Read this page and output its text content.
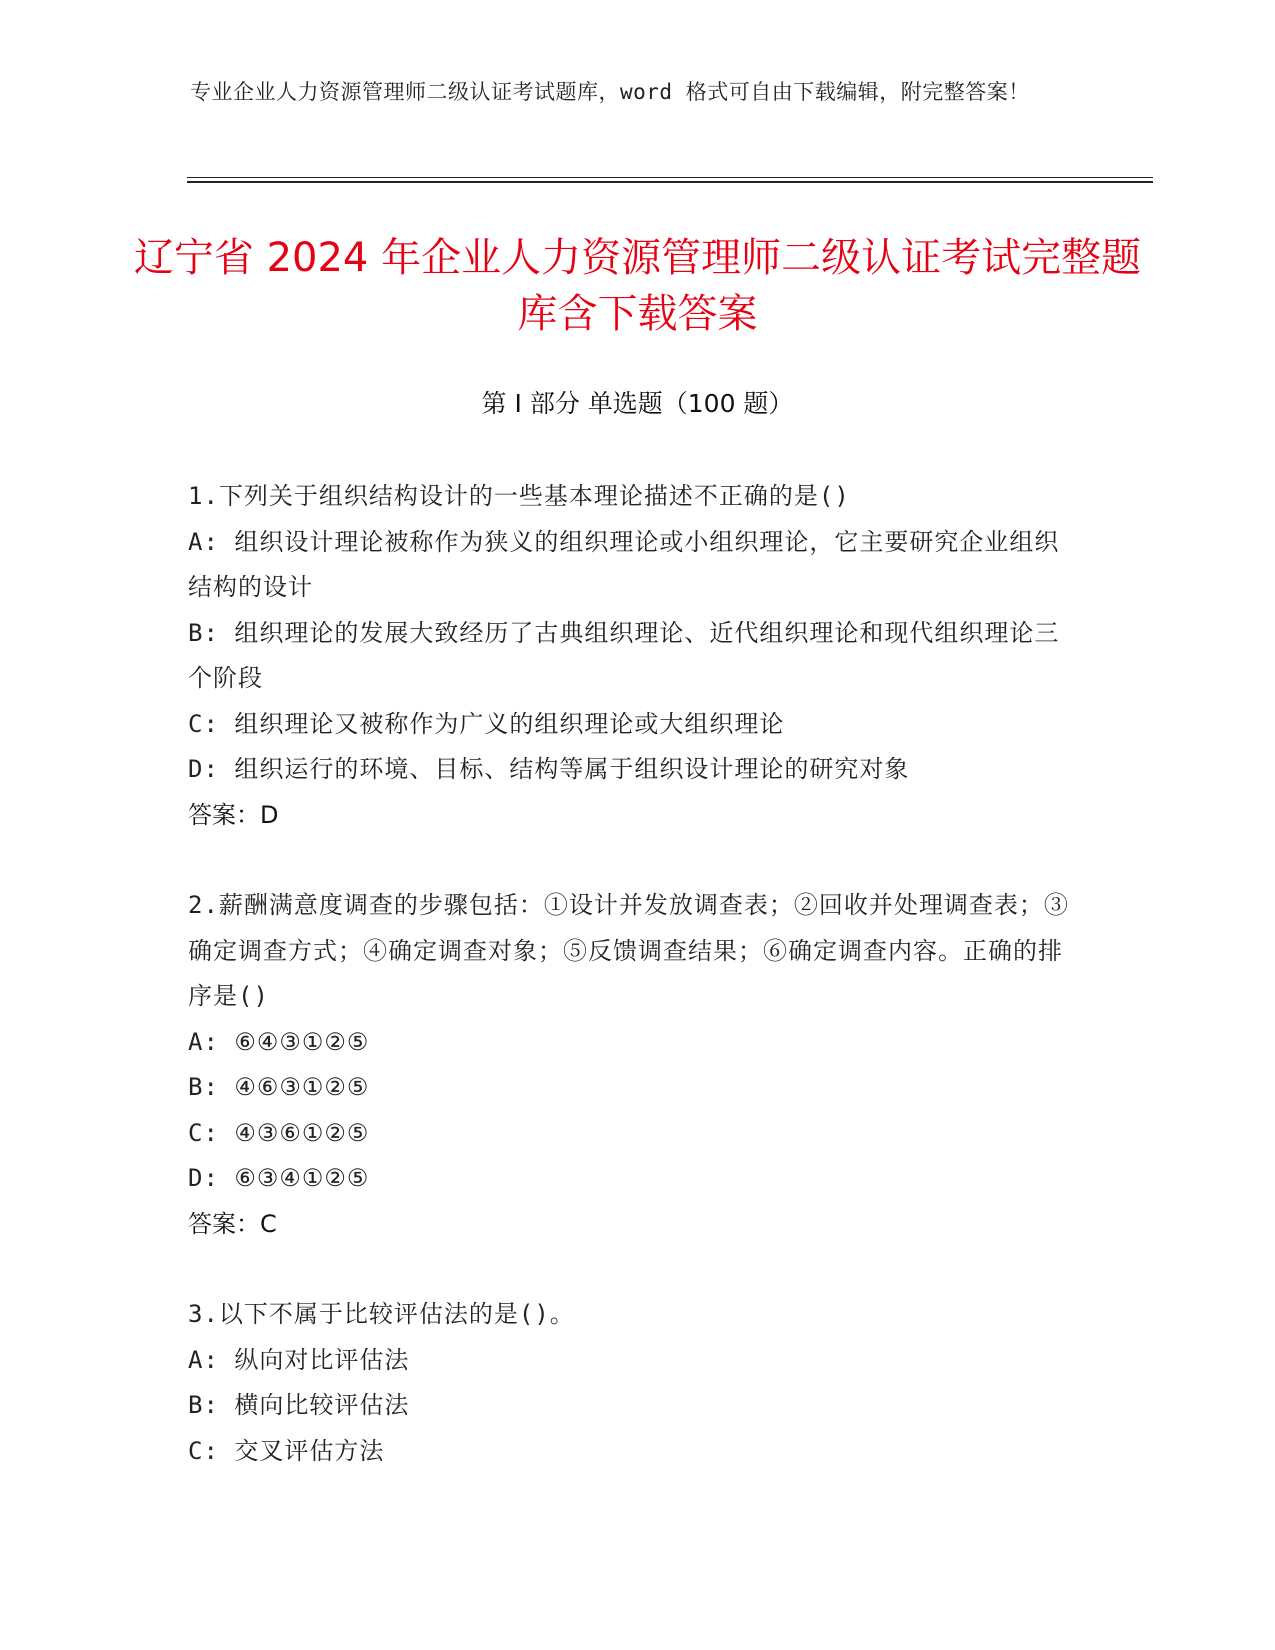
专业企业人力资源管理师二级认证考试题库，word 格式可自由下载编辑，附完整答案！
辽宁省 2024 年企业人力资源管理师二级认证考试完整题库含下载答案
第 I 部分 单选题（100 题）

1.下列关于组织结构设计的一些基本理论描述不正确的是()

A: 组织设计理论被称作为狭义的组织理论或小组织理论，它主要研究企业组织结构的设计

B: 组织理论的发展大致经历了古典组织理论、近代组织理论和现代组织理论三个阶段

C: 组织理论又被称作为广义的组织理论或大组织理论

D: 组织运行的环境、目标、结构等属于组织设计理论的研究对象

答案：D

2.薪酬满意度调查的步骤包括：①设计并发放调查表；②回收并处理调查表；③确定调查方式；④确定调查对象；⑤反馈调查结果；⑥确定调查内容。正确的排序是()

A: ⑥④③①②⑤

B: ④⑥③①②⑤

C: ④③⑥①②⑤

D: ⑥③④①②⑤

答案：C

3.以下不属于比较评估法的是()。

A: 纵向对比评估法

B: 横向比较评估法

C: 交叉评估方法
